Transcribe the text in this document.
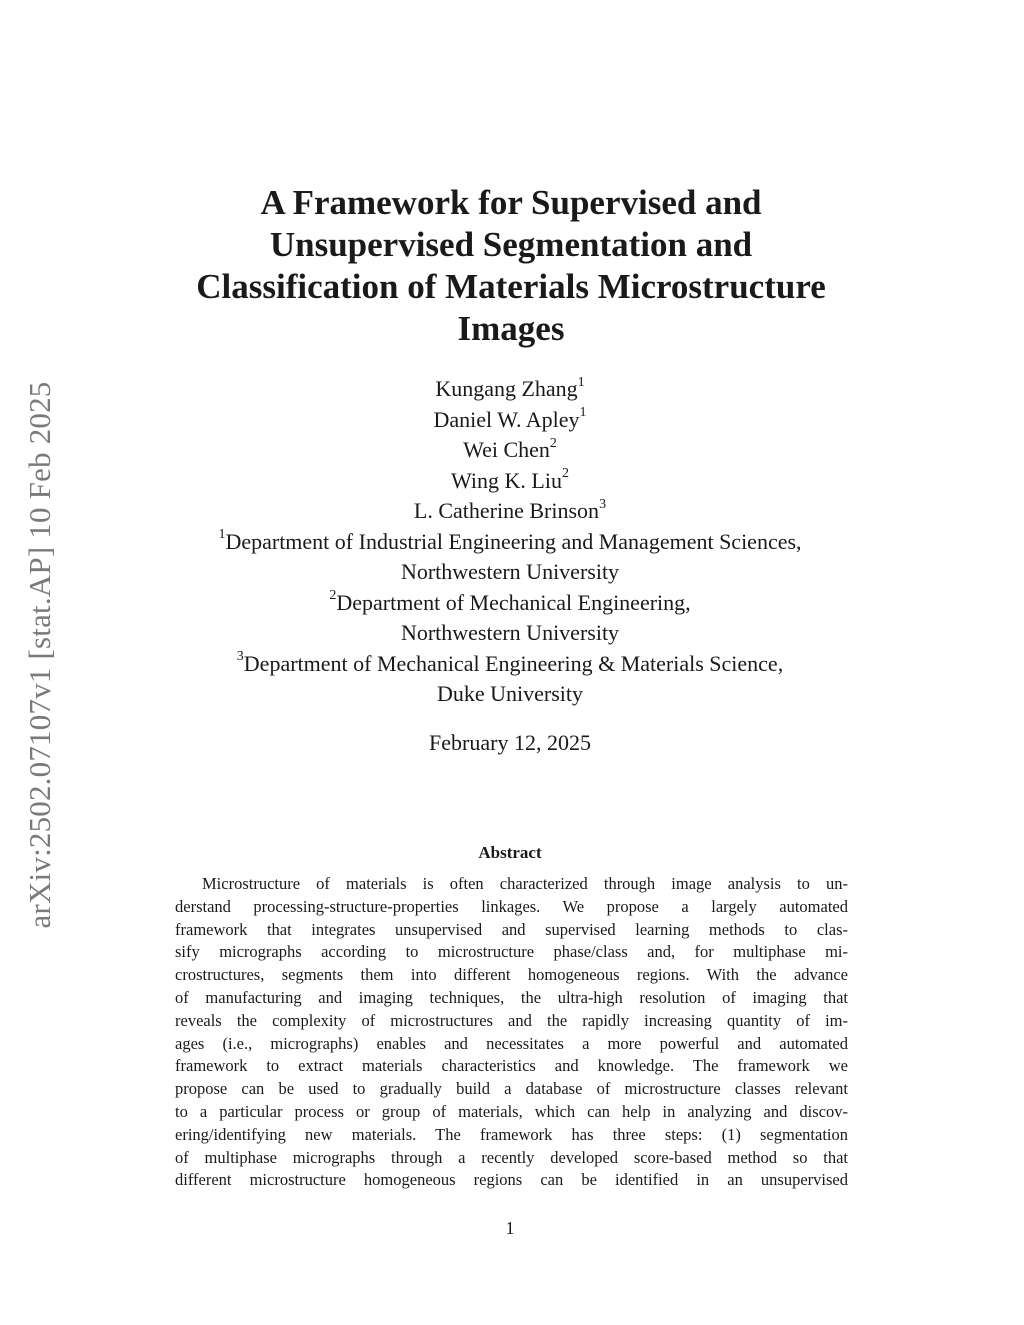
arXiv:2502.07107v1 [stat.AP] 10 Feb 2025
A Framework for Supervised and
Unsupervised Segmentation and
Classification of Materials Microstructure
Images
Kungang Zhang$^1$
Daniel W. Apley$^1$
Wei Chen$^2$
Wing K. Liu$^2$
L. Catherine Brinson$^3$
$^1$Department of Industrial Engineering and Management Sciences,
Northwestern University
$^2$Department of Mechanical Engineering,
Northwestern University
$^3$Department of Mechanical Engineering & Materials Science,
Duke University
February 12, 2025
Abstract
Microstructure of materials is often characterized through image analysis to un-
derstand processing-structure-properties linkages. We propose a largely automated
framework that integrates unsupervised and supervised learning methods to clas-
sify micrographs according to microstructure phase/class and, for multiphase mi-
crostructures, segments them into different homogeneous regions. With the advance
of manufacturing and imaging techniques, the ultra-high resolution of imaging that
reveals the complexity of microstructures and the rapidly increasing quantity of im-
ages (i.e., micrographs) enables and necessitates a more powerful and automated
framework to extract materials characteristics and knowledge. The framework we
propose can be used to gradually build a database of microstructure classes relevant
to a particular process or group of materials, which can help in analyzing and discov-
ering/identifying new materials. The framework has three steps: (1) segmentation
of multiphase micrographs through a recently developed score-based method so that
different microstructure homogeneous regions can be identified in an unsupervised
1
